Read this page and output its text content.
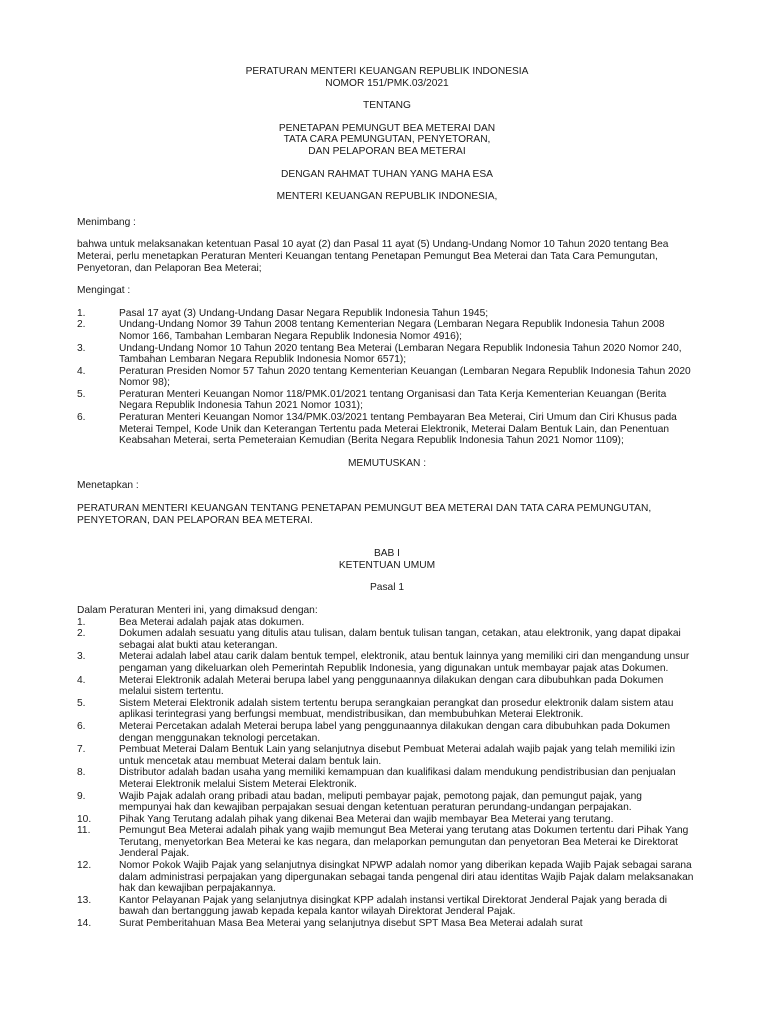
PERATURAN MENTERI KEUANGAN REPUBLIK INDONESIA

NOMOR 151/PMK.03/2021

TENTANG

PENETAPAN PEMUNGUT BEA METERAI DAN

TATA CARA PEMUNGUTAN, PENYETORAN,

DAN PELAPORAN BEA METERAI

DENGAN RAHMAT TUHAN YANG MAHA ESA

MENTERI KEUANGAN REPUBLIK INDONESIA,

Menimbang :

bahwa untuk melaksanakan ketentuan Pasal 10 ayat (2) dan Pasal 11 ayat (5) Undang-Undang Nomor 10 Tahun 2020 tentang Bea Meterai, perlu menetapkan Peraturan Menteri Keuangan tentang Penetapan Pemungut Bea Meterai dan Tata Cara Pemungutan, Penyetoran, dan Pelaporan Bea Meterai;

Mengingat :

1.	Pasal 17 ayat (3) Undang-Undang Dasar Negara Republik Indonesia Tahun 1945;
2.	Undang-Undang Nomor 39 Tahun 2008 tentang Kementerian Negara (Lembaran Negara Republik Indonesia Tahun 2008 Nomor 166, Tambahan Lembaran Negara Republik Indonesia Nomor 4916);
3.	Undang-Undang Nomor 10 Tahun 2020 tentang Bea Meterai (Lembaran Negara Republik Indonesia Tahun 2020 Nomor 240, Tambahan Lembaran Negara Republik Indonesia Nomor 6571);
4.	Peraturan Presiden Nomor 57 Tahun 2020 tentang Kementerian Keuangan (Lembaran Negara Republik Indonesia Tahun 2020 Nomor 98);
5.	Peraturan Menteri Keuangan Nomor 118/PMK.01/2021 tentang Organisasi dan Tata Kerja Kementerian Keuangan (Berita Negara Republik Indonesia Tahun 2021 Nomor 1031);
6.	Peraturan Menteri Keuangan Nomor 134/PMK.03/2021 tentang Pembayaran Bea Meterai, Ciri Umum dan Ciri Khusus pada Meterai Tempel, Kode Unik dan Keterangan Tertentu pada Meterai Elektronik, Meterai Dalam Bentuk Lain, dan Penentuan Keabsahan Meterai, serta Pemeteraian Kemudian (Berita Negara Republik Indonesia Tahun 2021 Nomor 1109);

MEMUTUSKAN :

Menetapkan :

PERATURAN MENTERI KEUANGAN TENTANG PENETAPAN PEMUNGUT BEA METERAI DAN TATA CARA PEMUNGUTAN, PENYETORAN, DAN PELAPORAN BEA METERAI.

BAB I

KETENTUAN UMUM

Pasal 1

Dalam Peraturan Menteri ini, yang dimaksud dengan:

1.	Bea Meterai adalah pajak atas dokumen.
2.	Dokumen adalah sesuatu yang ditulis atau tulisan, dalam bentuk tulisan tangan, cetakan, atau elektronik, yang dapat dipakai sebagai alat bukti atau keterangan.
3.	Meterai adalah label atau carik dalam bentuk tempel, elektronik, atau bentuk lainnya yang memiliki ciri dan mengandung unsur pengaman yang dikeluarkan oleh Pemerintah Republik Indonesia, yang digunakan untuk membayar pajak atas Dokumen.
4.	Meterai Elektronik adalah Meterai berupa label yang penggunaannya dilakukan dengan cara dibubuhkan pada Dokumen melalui sistem tertentu.
5.	Sistem Meterai Elektronik adalah sistem tertentu berupa serangkaian perangkat dan prosedur elektronik dalam sistem atau aplikasi terintegrasi yang berfungsi membuat, mendistribusikan, dan membubuhkan Meterai Elektronik.
6.	Meterai Percetakan adalah Meterai berupa label yang penggunaannya dilakukan dengan cara dibubuhkan pada Dokumen dengan menggunakan teknologi percetakan.
7.	Pembuat Meterai Dalam Bentuk Lain yang selanjutnya disebut Pembuat Meterai adalah wajib pajak yang telah memiliki izin untuk mencetak atau membuat Meterai dalam bentuk lain.
8.	Distributor adalah badan usaha yang memiliki kemampuan dan kualifikasi dalam mendukung pendistribusian dan penjualan Meterai Elektronik melalui Sistem Meterai Elektronik.
9.	Wajib Pajak adalah orang pribadi atau badan, meliputi pembayar pajak, pemotong pajak, dan pemungut pajak, yang mempunyai hak dan kewajiban perpajakan sesuai dengan ketentuan peraturan perundang-undangan perpajakan.
10.	Pihak Yang Terutang adalah pihak yang dikenai Bea Meterai dan wajib membayar Bea Meterai yang terutang.
11.	Pemungut Bea Meterai adalah pihak yang wajib memungut Bea Meterai yang terutang atas Dokumen tertentu dari Pihak Yang Terutang, menyetorkan Bea Meterai ke kas negara, dan melaporkan pemungutan dan penyetoran Bea Meterai ke Direktorat Jenderal Pajak.
12.	Nomor Pokok Wajib Pajak yang selanjutnya disingkat NPWP adalah nomor yang diberikan kepada Wajib Pajak sebagai sarana dalam administrasi perpajakan yang dipergunakan sebagai tanda pengenal diri atau identitas Wajib Pajak dalam melaksanakan hak dan kewajiban perpajakannya.
13.	Kantor Pelayanan Pajak yang selanjutnya disingkat KPP adalah instansi vertikal Direktorat Jenderal Pajak yang berada di bawah dan bertanggung jawab kepada kepala kantor wilayah Direktorat Jenderal Pajak.
14.	Surat Pemberitahuan Masa Bea Meterai yang selanjutnya disebut SPT Masa Bea Meterai adalah surat
